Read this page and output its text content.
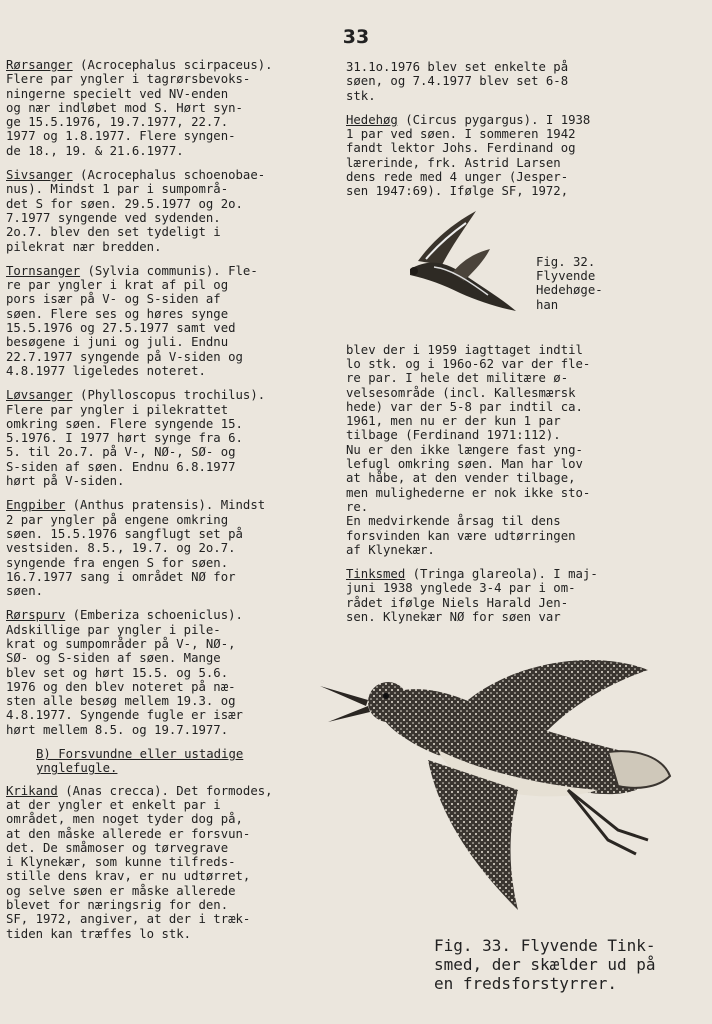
33

Rørsanger (Acrocephalus scirpaceus).
Flere par yngler i tagrørsbevoks-
ningerne specielt ved NV-enden
og nær indløbet mod S. Hørt syn-
ge 15.5.1976, 19.7.1977, 22.7.
1977 og 1.8.1977. Flere syngen-
de 18., 19. & 21.6.1977.

Sivsanger (Acrocephalus schoenobae-
nus). Mindst 1 par i sumpområ-
det S for søen. 29.5.1977 og 2o.
7.1977 syngende ved sydenden.
2o.7. blev den set tydeligt i
pilekrat nær bredden.

Tornsanger (Sylvia communis). Fle-
re par yngler i krat af pil og
pors især på V- og S-siden af
søen. Flere ses og høres synge
15.5.1976 og 27.5.1977 samt ved
besøgene i juni og juli. Endnu
22.7.1977 syngende på V-siden og
4.8.1977 ligeledes noteret.

Løvsanger (Phylloscopus trochilus).
Flere par yngler i pilekrattet
omkring søen. Flere syngende 15.
5.1976. I 1977 hørt synge fra 6.
5. til 2o.7. på V-, NØ-, SØ- og
S-siden af søen. Endnu 6.8.1977
hørt på V-siden.

Engpiber (Anthus pratensis). Mindst
2 par yngler på engene omkring
søen. 15.5.1976 sangflugt set på
vestsiden. 8.5., 19.7. og 2o.7.
syngende fra engen S for søen.
16.7.1977 sang i området NØ for
søen.

Rørspurv (Emberiza schoeniclus).
Adskillige par yngler i pile-
krat og sumpområder på V-, NØ-,
SØ- og S-siden af søen. Mange
blev set og hørt 15.5. og 5.6.
1976 og den blev noteret på næ-
sten alle besøg mellem 19.3. og
4.8.1977. Syngende fugle er især
hørt mellem 8.5. og 19.7.1977.

B) Forsvundne eller ustadige
ynglefugle.

Krikand (Anas crecca). Det formodes,
at der yngler et enkelt par i
området, men noget tyder dog på,
at den måske allerede er forsvun-
det. De småmoser og tørvegrave
i Klynekær, som kunne tilfreds-
stille dens krav, er nu udtørret,
og selve søen er måske allerede
blevet for næringsrig for den.
SF, 1972, angiver, at der i træk-
tiden kan træffes lo stk.

31.1o.1976 blev set enkelte på
søen, og 7.4.1977 blev set 6-8
stk.

Hedehøg (Circus pygargus). I 1938
1 par ved søen. I sommeren 1942
fandt lektor Johs. Ferdinand og
lærerinde, frk. Astrid Larsen
dens rede med 4 unger (Jesper-
sen 1947:69). Ifølge SF, 1972,

Fig. 32.
Flyvende
Hedehøge-
han

blev der i 1959 iagttaget indtil
lo stk. og i 196o-62 var der fle-
re par. I hele det militære ø-
velsesområde (incl. Kallesmærsk
hede) var der 5-8 par indtil ca.
1961, men nu er der kun 1 par
tilbage (Ferdinand 1971:112).
Nu er den ikke længere fast yng-
lefugl omkring søen. Man har lov
at håbe, at den vender tilbage,
men mulighederne er nok ikke sto-
re.
En medvirkende årsag til dens
forsvinden kan være udtørringen
af Klynekær.

Tinksmed (Tringa glareola). I maj-
juni 1938 ynglede 3-4 par i om-
rådet ifølge Niels Harald Jen-
sen. Klynekær NØ for søen var

Fig. 33. Flyvende Tink-
smed, der skælder ud på
en fredsforstyrrer.
